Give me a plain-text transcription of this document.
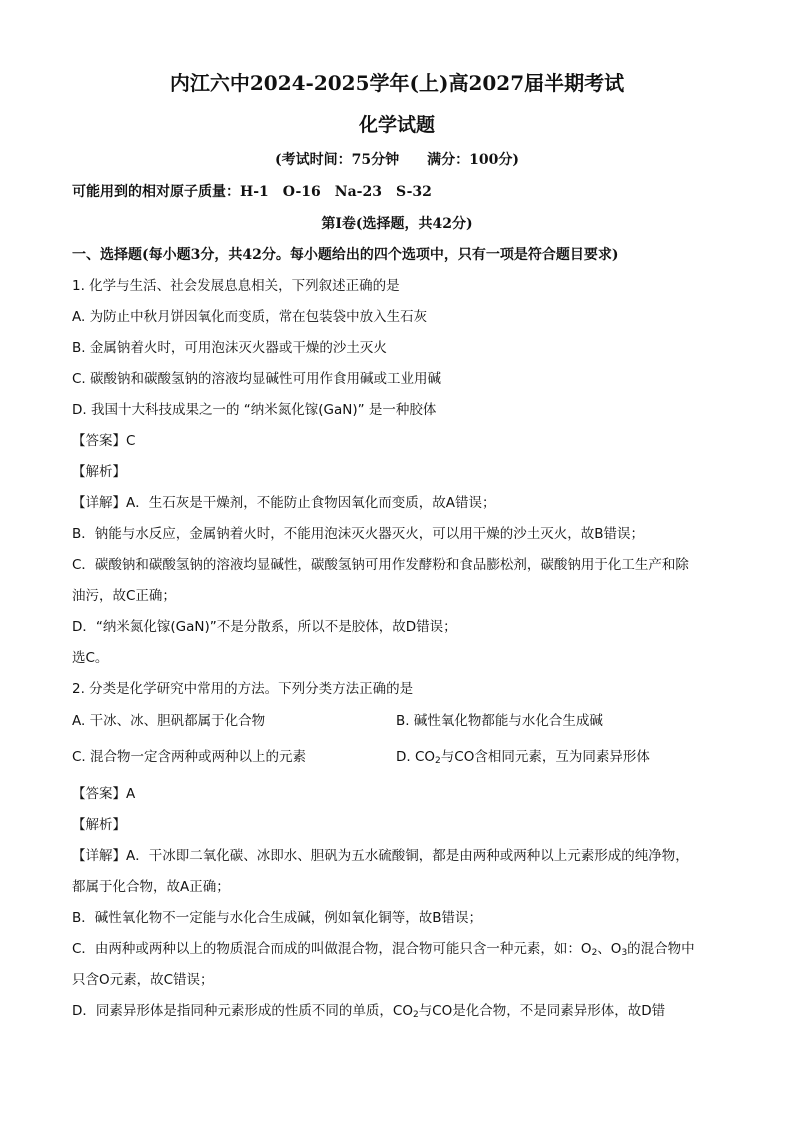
内江六中2024-2025学年(上)高2027届半期考试
化学试题
(考试时间：75分钟　　满分：100分)
可能用到的相对原子质量：H-1　O-16　Na-23　S-32
第Ⅰ卷(选择题，共42分)
一、选择题(每小题3分，共42分。每小题给出的四个选项中，只有一项是符合题目要求)
1. 化学与生活、社会发展息息相关，下列叙述正确的是
A. 为防止中秋月饼因氧化而变质，常在包装袋中放入生石灰
B. 金属钠着火时，可用泡沫灭火器或干燥的沙土灭火
C. 碳酸钠和碳酸氢钠的溶液均显碱性可用作食用碱或工业用碱
D. 我国十大科技成果之一的 “纳米氮化镓(GaN)” 是一种胶体
【答案】C
【解析】
【详解】A．生石灰是干燥剂，不能防止食物因氧化而变质，故A错误；
B．钠能与水反应，金属钠着火时，不能用泡沫灭火器灭火，可以用干燥的沙土灭火，故B错误；
C．碳酸钠和碳酸氢钠的溶液均显碱性，碳酸氢钠可用作发酵粉和食品膨松剂，碳酸钠用于化工生产和除
油污，故C正确；
D．“纳米氮化镓(GaN)”不是分散系，所以不是胶体，故D错误；
选C。
2. 分类是化学研究中常用的方法。下列分类方法正确的是
A. 干冰、冰、胆矾都属于化合物	B. 碱性氧化物都能与水化合生成碱
C. 混合物一定含两种或两种以上的元素	D. $CO_2$与CO含相同元素，互为同素异形体
【答案】A
【解析】
【详解】A．干冰即二氧化碳、冰即水、胆矾为五水硫酸铜，都是由两种或两种以上元素形成的纯净物，
都属于化合物，故A正确；
B．碱性氧化物不一定能与水化合生成碱，例如氧化铜等，故B错误；
C．由两种或两种以上的物质混合而成的叫做混合物，混合物可能只含一种元素，如：$O_2$、$O_3$的混合物中
只含O元素，故C错误；
D．同素异形体是指同种元素形成的性质不同的单质，$CO_2$与CO是化合物，不是同素异形体，故D错
